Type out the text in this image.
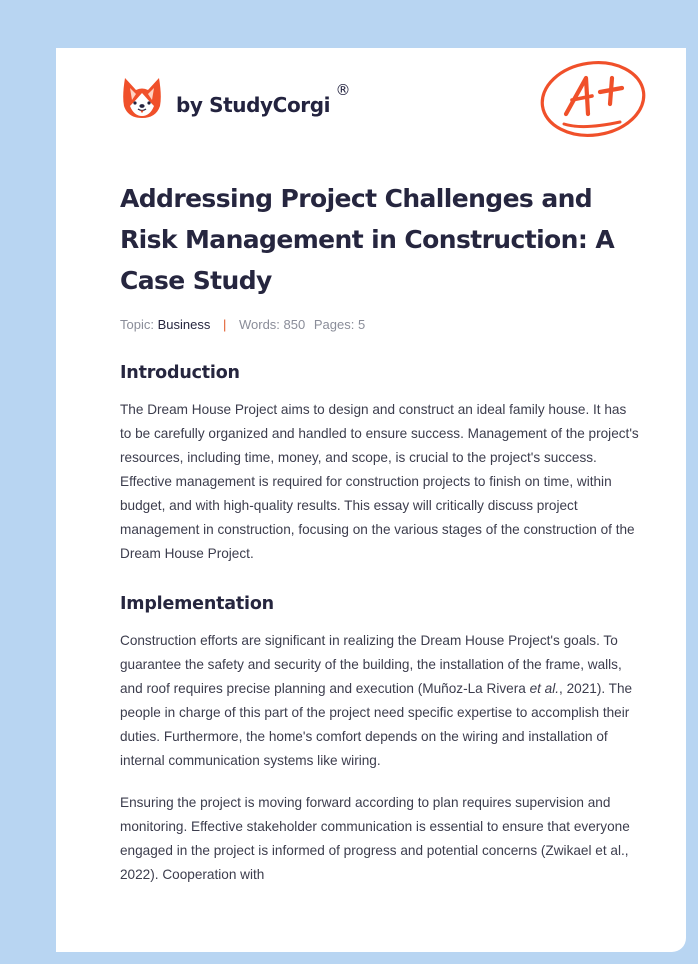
by StudyCorgi
®
Addressing Project Challenges and Risk Management in Construction: A Case Study
Topic: Business | Words: 850 Pages: 5
Introduction

The Dream House Project aims to design and construct an ideal family house. It has to be carefully organized and handled to ensure success. Management of the project's resources, including time, money, and scope, is crucial to the project's success. Effective management is required for construction projects to finish on time, within budget, and with high-quality results. This essay will critically discuss project management in construction, focusing on the various stages of the construction of the Dream House Project.

Implementation

Construction efforts are significant in realizing the Dream House Project's goals. To guarantee the safety and security of the building, the installation of the frame, walls, and roof requires precise planning and execution (Muñoz-La Rivera et al., 2021). The people in charge of this part of the project need specific expertise to accomplish their duties. Furthermore, the home's comfort depends on the wiring and installation of internal communication systems like wiring.

Ensuring the project is moving forward according to plan requires supervision and monitoring. Effective stakeholder communication is essential to ensure that everyone engaged in the project is informed of progress and potential concerns (Zwikael et al., 2022). Cooperation with
